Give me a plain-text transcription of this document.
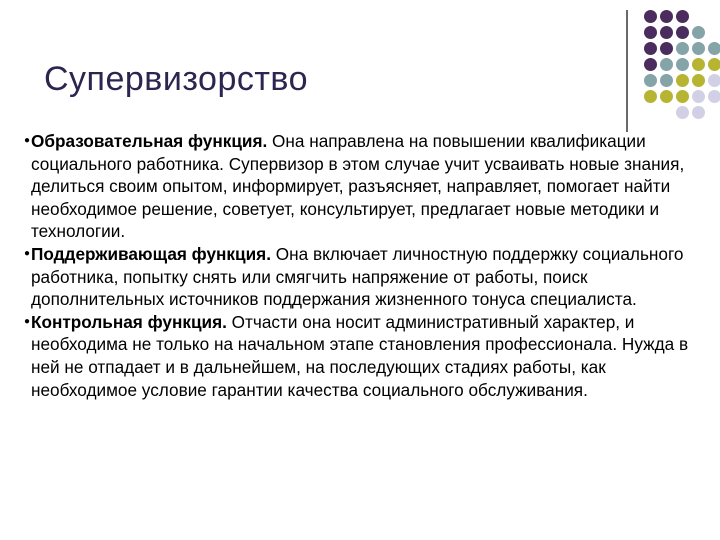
Супервизорство

● Образовательная функция. Она направлена на повышении квалификации социального работника. Супервизор в этом случае учит усваивать новые знания, делиться своим опытом, информирует, разъясняет, направляет, помогает найти необходимое решение, советует, консультирует, предлагает новые методики и технологии.

● Поддерживающая функция. Она включает личностную поддержку социального работника, попытку снять или смягчить напряжение от работы, поиск дополнительных источников поддержания жизненного тонуса специалиста.

● Контрольная функция. Отчасти она носит административный характер, и необходима не только на начальном этапе становления профессионала. Нужда в ней не отпадает и в дальнейшем, на последующих стадиях работы, как необходимое условие гарантии качества социального обслуживания.
